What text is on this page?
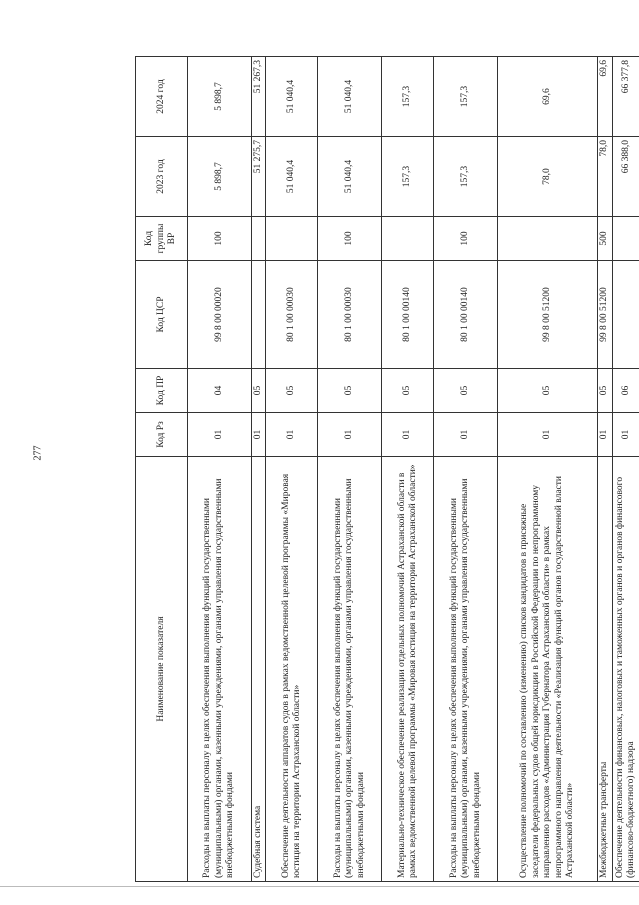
277
Наименование показателя	Код Рз	Код ПР	Код ЦСР	Код группы ВР	2023 год	2024 год
Расходы на выплаты персоналу в целях обеспечения выполнения функций государственными (муниципальными) органами, казенными учреждениями, органами управления государственными внебюджетными фондами	01	04	99 8 00 00020	100	5 898,7	5 898,7
Судебная система	01	05			51 275,7	51 267,3
Обеспечение деятельности аппаратов судов в рамках ведомственной целевой программы «Мировая юстиция на территории Астраханской области»	01	05	80 1 00 00030		51 040,4	51 040,4
Расходы на выплаты персоналу в целях обеспечения выполнения функций государственными (муниципальными) органами, казенными учреждениями, органами управления государственными внебюджетными фондами	01	05	80 1 00 00030	100	51 040,4	51 040,4
Материально-техническое обеспечение реализации отдельных полномочий Астраханской области в рамках ведомственной целевой программы «Мировая юстиция на территории Астраханской области»	01	05	80 1 00 00140		157,3	157,3
Расходы на выплаты персоналу в целях обеспечения выполнения функций государственными (муниципальными) органами, казенными учреждениями, органами управления государственными внебюджетными фондами	01	05	80 1 00 00140	100	157,3	157,3
Осуществление полномочий по составлению (изменению) списков кандидатов в присяжные заседатели федеральных судов общей юрисдикции в Российской Федерации по непрограммному направлению расходов «Администрация Губернатора Астраханской области» в рамках непрограммного направления деятельности «Реализация функций органов государственной власти Астраханской области»	01	05	99 8 00 51200		78,0	69,6
Межбюджетные трансферты	01	05	99 8 00 51200	500	78,0	69,6
Обеспечение деятельности финансовых, налоговых и таможенных органов и органов финансового (финансово-бюджетного) надзора	01	06			66 388,0	66 377,8
